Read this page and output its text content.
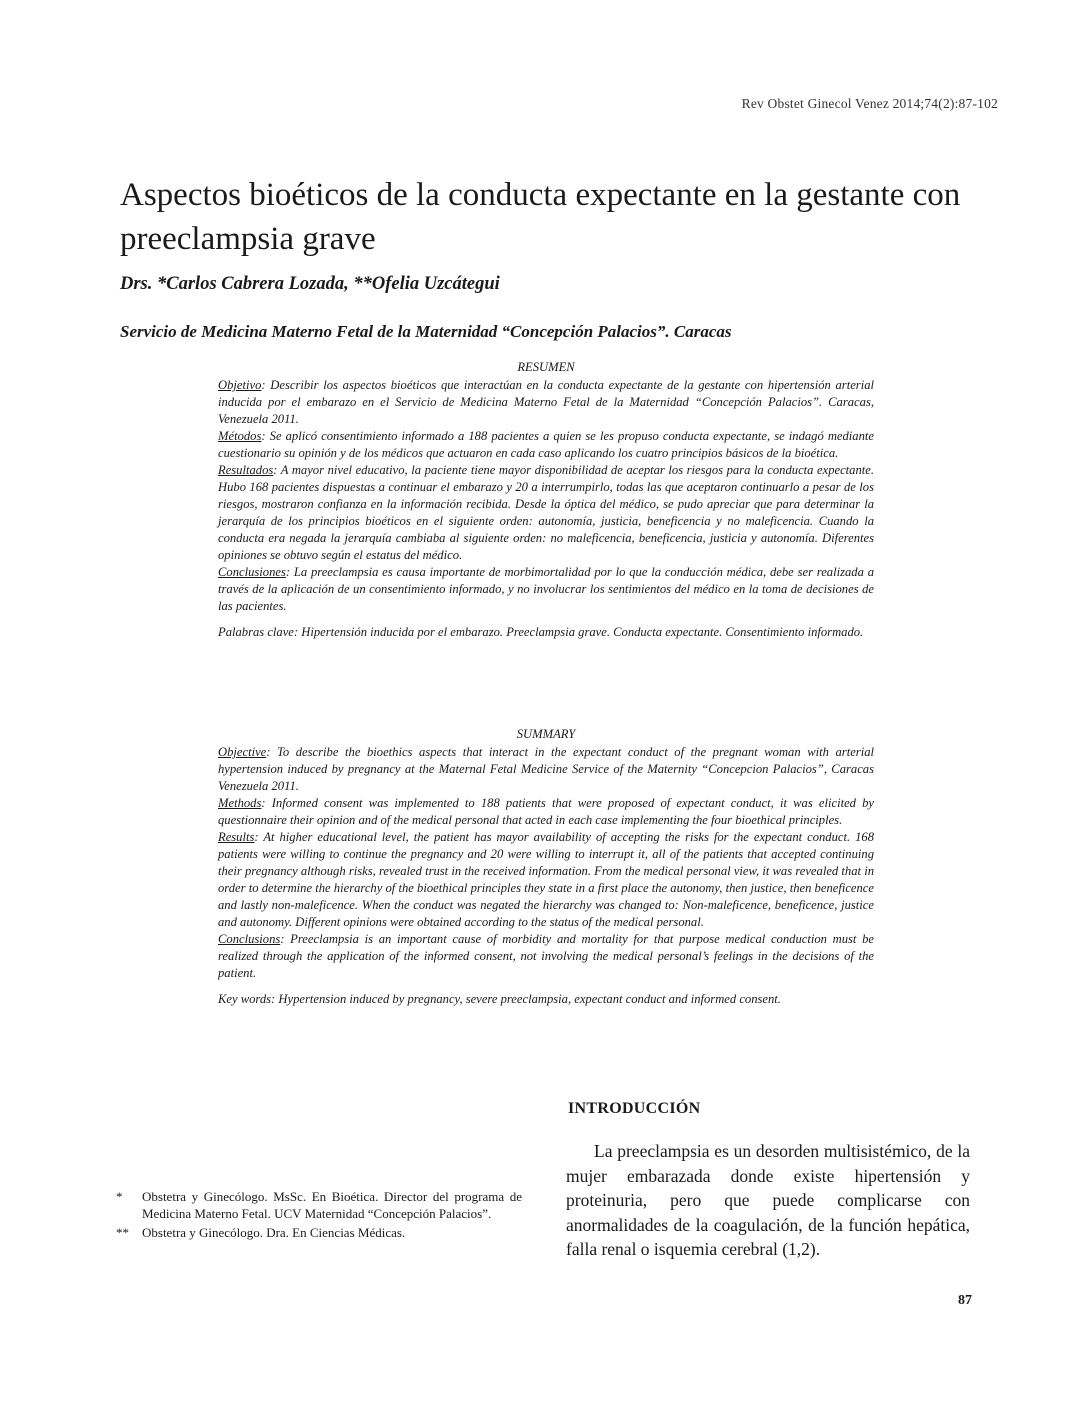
Rev Obstet Ginecol Venez 2014;74(2):87-102
Aspectos bioéticos de la conducta expectante en la gestante con preeclampsia grave
Drs. *Carlos Cabrera Lozada, **Ofelia Uzcátegui
Servicio de Medicina Materno Fetal de la Maternidad “Concepción Palacios”. Caracas
RESUMEN

Objetivo: Describir los aspectos bioéticos que interactúan en la conducta expectante de la gestante con hipertensión arterial inducida por el embarazo en el Servicio de Medicina Materno Fetal de la Maternidad “Concepción Palacios”. Caracas, Venezuela 2011.

Métodos: Se aplicó consentimiento informado a 188 pacientes a quien se les propuso conducta expectante, se indagó mediante cuestionario su opinión y de los médicos que actuaron en cada caso aplicando los cuatro principios básicos de la bioética.

Resultados: A mayor nivel educativo, la paciente tiene mayor disponibilidad de aceptar los riesgos para la conducta expectante. Hubo 168 pacientes dispuestas a continuar el embarazo y 20 a interrumpirlo, todas las que aceptaron continuarlo a pesar de los riesgos, mostraron confianza en la información recibida. Desde la óptica del médico, se pudo apreciar que para determinar la jerarquía de los principios bioéticos en el siguiente orden: autonomía, justicia, beneficencia y no maleficencia. Cuando la conducta era negada la jerarquía cambiaba al siguiente orden: no maleficencia, beneficencia, justicia y autonomía. Diferentes opiniones se obtuvo según el estatus del médico.

Conclusiones: La preeclampsia es causa importante de morbimortalidad por lo que la conducción médica, debe ser realizada a través de la aplicación de un consentimiento informado, y no involucrar los sentimientos del médico en la toma de decisiones de las pacientes.

Palabras clave: Hipertensión inducida por el embarazo. Preeclampsia grave. Conducta expectante. Consentimiento informado.

SUMMARY

Objective: To describe the bioethics aspects that interact in the expectant conduct of the pregnant woman with arterial hypertension induced by pregnancy at the Maternal Fetal Medicine Service of the Maternity “Concepcion Palacios”, Caracas Venezuela 2011.

Methods: Informed consent was implemented to 188 patients that were proposed of expectant conduct, it was elicited by questionnaire their opinion and of the medical personal that acted in each case implementing the four bioethical principles.

Results: At higher educational level, the patient has mayor availability of accepting the risks for the expectant conduct. 168 patients were willing to continue the pregnancy and 20 were willing to interrupt it, all of the patients that accepted continuing their pregnancy although risks, revealed trust in the received information. From the medical personal view, it was revealed that in order to determine the hierarchy of the bioethical principles they state in a first place the autonomy, then justice, then beneficence and lastly non-maleficence. When the conduct was negated the hierarchy was changed to: Non-maleficence, beneficence, justice and autonomy. Different opinions were obtained according to the status of the medical personal.

Conclusions: Preeclampsia is an important cause of morbidity and mortality for that purpose medical conduction must be realized through the application of the informed consent, not involving the medical personal’s feelings in the decisions of the patient.

Key words: Hypertension induced by pregnancy, severe preeclampsia, expectant conduct and informed consent.

INTRODUCCIÓN

La preeclampsia es un desorden multisistémico, de la mujer embarazada donde existe hipertensión y proteinuria, pero que puede complicarse con anormalidades de la coagulación, de la función hepática, falla renal o isquemia cerebral (1,2).

*	Obstetra y Ginecólogo. MsSc. En Bioética. Director del programa de Medicina Materno Fetal. UCV Maternidad “Concepción Palacios”.
**	Obstetra y Ginecólogo. Dra. En Ciencias Médicas.
87
